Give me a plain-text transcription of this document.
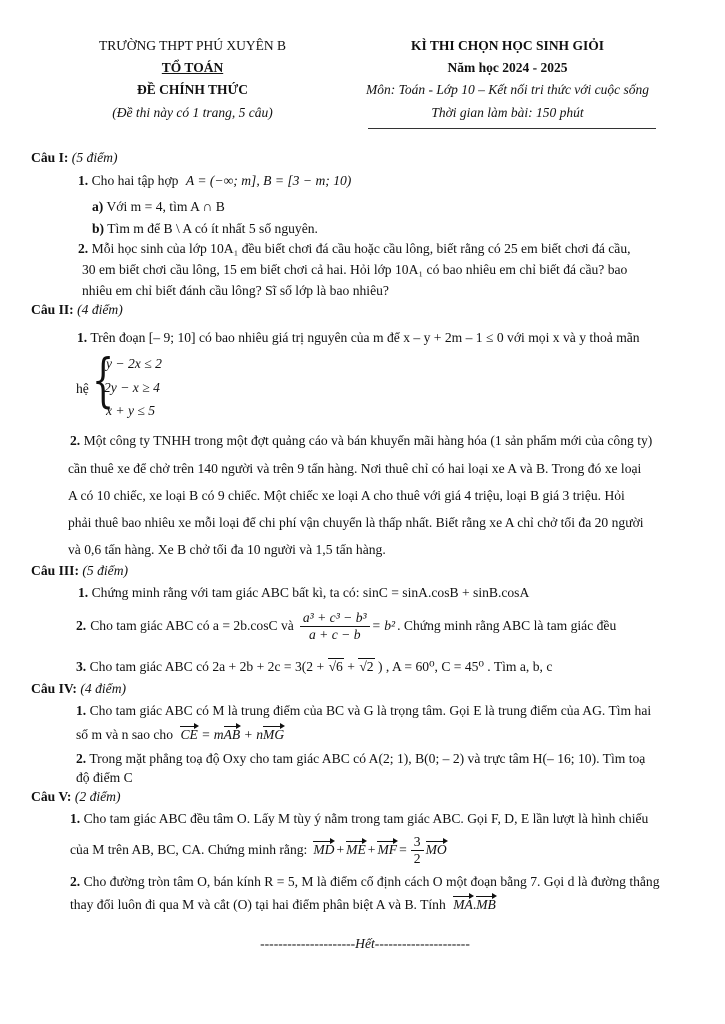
TRƯỜNG THPT PHÚ XUYÊN B
TỔ TOÁN
ĐỀ CHÍNH THỨC
(Đề thi này có 1 trang, 5 câu)
KÌ THI CHỌN HỌC SINH GIỎI
Năm học 2024 - 2025
Môn: Toán - Lớp 10 – Kết nối tri thức với cuộc sống
Thời gian làm bài: 150 phút
Câu I: (5 điểm)
1. Cho hai tập hợp A = (−∞; m], B = [3 − m; 10)
a) Với m = 4, tìm A ∩ B
b) Tìm m để B \ A có ít nhất 5 số nguyên.
2. Mỗi học sinh của lớp 10A₁ đều biết chơi đá cầu hoặc cầu lông, biết rằng có 25 em biết chơi đá cầu,
30 em biết chơi cầu lông, 15 em biết chơi cả hai. Hỏi lớp 10A₁ có bao nhiêu em chỉ biết đá cầu? bao
nhiêu em chỉ biết đánh cầu lông? Sĩ số lớp là bao nhiêu?
Câu II: (4 điểm)
1. Trên đoạn [– 9; 10] có bao nhiêu giá trị nguyên của m để x – y + 2m – 1 ≤ 0 với mọi x và y thoả mãn
hệ {
y − 2x ≤ 2
2y − x ≥ 4
x + y ≤ 5
2. Một công ty TNHH trong một đợt quảng cáo và bán khuyến mãi hàng hóa (1 sản phẩm mới của công ty)
cần thuê xe để chở trên 140 người và trên 9 tấn hàng. Nơi thuê chỉ có hai loại xe A và B. Trong đó xe loại
A có 10 chiếc, xe loại B có 9 chiếc. Một chiếc xe loại A cho thuê với giá 4 triệu, loại B giá 3 triệu. Hỏi
phải thuê bao nhiêu xe mỗi loại để chi phí vận chuyển là thấp nhất. Biết rằng xe A chỉ chở tối đa 20 người
và 0,6 tấn hàng. Xe B chở tối đa 10 người và 1,5 tấn hàng.
Câu III: (5 điểm)
1. Chứng minh rằng với tam giác ABC bất kì, ta có: sinC = sinA.cosB + sinB.cosA
2. Cho tam giác ABC có a = 2b.cosC và $\frac{\text{a³ + c³ − b³}}{a + c - b} = b^2$ . Chứng minh rằng ABC là tam giác đều
3. Cho tam giác ABC có 2a + 2b + 2c = 3(2 + √6 + √2 ) , A = 60⁰, C = 45⁰ . Tìm a, b, c
Câu IV: (4 điểm)
1. Cho tam giác ABC có M là trung điểm của BC và G là trọng tâm. Gọi E là trung điểm của AG. Tìm hai
số m và n sao cho CE = mAB + nMG
2. Trong mặt phẳng toạ độ Oxy cho tam giác ABC có A(2; 1), B(0; – 2) và trực tâm H(– 16; 10). Tìm toạ
độ điểm C
Câu V: (2 điểm)
1. Cho tam giác ABC đều tâm O. Lấy M tùy ý nằm trong tam giác ABC. Gọi F, D, E lần lượt là hình chiếu
của M trên AB, BC, CA. Chứng minh rằng: MD + ME + MF = $\frac{3}{2}$ MO
2. Cho đường tròn tâm O, bán kính R = 5, M là điểm cố định cách O một đoạn bằng 7. Gọi d là đường thẳng
thay đổi luôn đi qua M và cắt (O) tại hai điểm phân biệt A và B. Tính MA.MB
---------------------Hết---------------------
